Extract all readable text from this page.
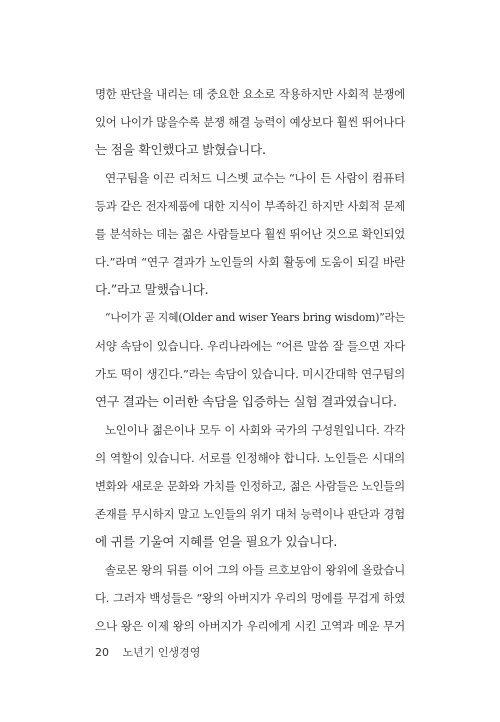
명한 판단을 내리는 데 중요한 요소로 작용하지만 사회적 분쟁에
있어 나이가 많을수록 분쟁 해결 능력이 예상보다 훨씬 뛰어나다
는 점을 확인했다고 밝혔습니다.
연구팀을 이끈 리처드 니스벳 교수는 “나이 든 사람이 컴퓨터
등과 같은 전자제품에 대한 지식이 부족하긴 하지만 사회적 문제
를 분석하는 데는 젊은 사람들보다 훨씬 뛰어난 것으로 확인되었
다.”라며 “연구 결과가 노인들의 사회 활동에 도움이 되길 바란
다.”라고 말했습니다.
“나이가 곧 지혜(Older and wiser Years bring wisdom)”라는
서양 속담이 있습니다. 우리나라에는 “어른 말씀 잘 들으면 자다
가도 떡이 생긴다.”라는 속담이 있습니다. 미시간대학 연구팀의
연구 결과는 이러한 속담을 입증하는 실험 결과였습니다.
노인이나 젊은이나 모두 이 사회와 국가의 구성원입니다. 각각
의 역할이 있습니다. 서로를 인정해야 합니다. 노인들은 시대의
변화와 새로운 문화와 가치를 인정하고, 젊은 사람들은 노인들의
존재를 무시하지 말고 노인들의 위기 대처 능력이나 판단과 경험
에 귀를 기울여 지혜를 얻을 필요가 있습니다.
솔로몬 왕의 뒤를 이어 그의 아들 르호보암이 왕위에 올랐습니
다. 그러자 백성들은 “왕의 아버지가 우리의 멍에를 무겁게 하였
으나 왕은 이제 왕의 아버지가 우리에게 시킨 고역과 메운 무거
20 노년기 인생경영
